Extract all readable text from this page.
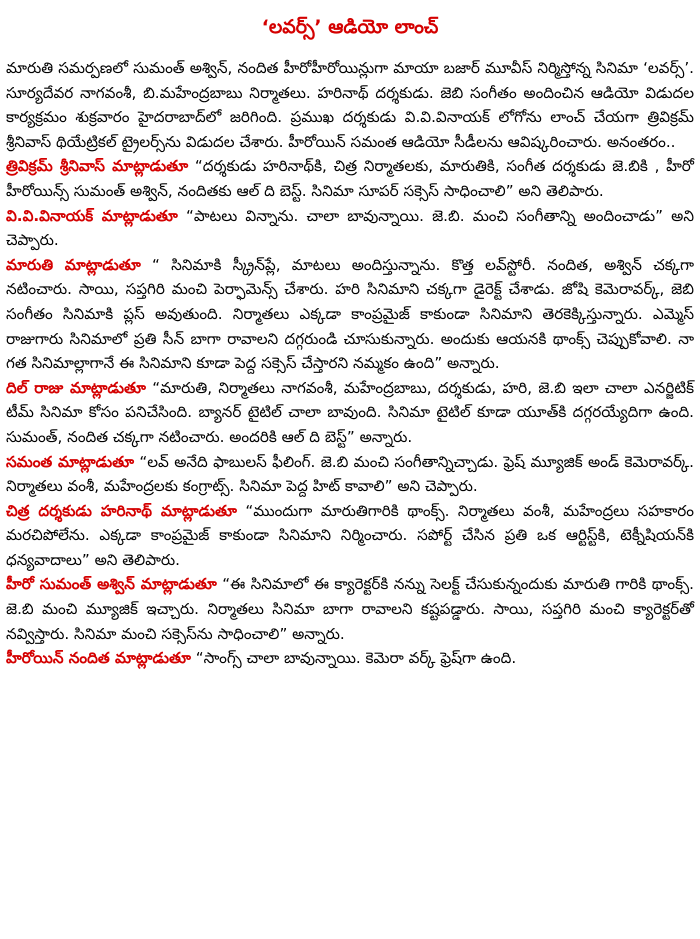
‘లవర్స్’ ఆడియో లాంచ్

మారుతి సమర్పణలో సుమంత్ అశ్విన్, నందిత హీరోహీరోయిన్లుగా మాయా బజార్ మూవీస్ నిర్మిస్తోన్న సినిమా ‘లవర్స్’. సూర్యదేవర నాగవంశీ, బి.మహేంద్రబాబు నిర్మాతలు. హరినాథ్ దర్శకుడు. జెబి సంగీతం అందించిన ఆడియో విడుదల కార్యక్రమం శుక్రవారం హైదరాబాద్‌లో జరిగింది. ప్రముఖ దర్శకుడు వి.వి.వినాయక్ లోగోను లాంచ్ చేయగా త్రివిక్రమ్ శ్రీనివాస్ థియేట్రికల్ ట్రైలర్స్‌ను విడుదల చేశారు. హీరోయిన్ సమంత ఆడియో సీడీలను ఆవిష్కరించారు. అనంతరం..

త్రివిక్రమ్ శ్రీనివాస్ మాట్లాడుతూ “దర్శకుడు హరినాథ్‌కి, చిత్ర నిర్మాతలకు, మారుతికి, సంగీత దర్శకుడు జె.బికి , హీరో హీరోయిన్స్ సుమంత్ అశ్విన్, నందితకు ఆల్ ది బెస్ట్. సినిమా సూపర్ సక్సెస్ సాధించాలి” అని తెలిపారు.

వి.వి.వినాయక్ మాట్లాడుతూ “పాటలు విన్నాను. చాలా బావున్నాయి. జె.బి. మంచి సంగీతాన్ని అందించాడు” అని చెప్పారు.

మారుతి మాట్లాడుతూ “ సినిమాకి స్క్రీన్‌ప్లే, మాటలు అందిస్తున్నాను. కొత్త లవ్‌స్టోరీ. నందిత, అశ్విన్ చక్కగా నటించారు. సాయి, సప్తగిరి మంచి పెర్ఫామెన్స్ చేశారు. హరి సినిమాని చక్కగా డైరెక్ట్ చేశాడు. జోషి కెమెరావర్క్, జెబి సంగీతం సినిమాకి ప్లస్ అవుతుంది. నిర్మాతలు ఎక్కడా కాంప్రమైజ్ కాకుండా సినిమాని తెరకెక్కిస్తున్నారు. ఎమ్మెస్ రాజుగారు సినిమాలో ప్రతి సీన్ బాగా రావాలని దగ్గరుండి చూసుకున్నారు. అందుకు ఆయనకి థాంక్స్ చెప్పుకోవాలి. నా గత సినిమాల్లాగానే ఈ సినిమాని కూడా పెద్ద సక్సెస్ చేస్తారని నమ్మకం ఉంది” అన్నారు.

దిల్ రాజు మాట్లాడుతూ “మారుతి, నిర్మాతలు నాగవంశీ, మహేంద్రబాబు, దర్శకుడు, హరి, జె.బి ఇలా చాలా ఎనర్జిటిక్ టీమ్ సినిమా కోసం పనిచేసింది. బ్యానర్ టైటిల్ చాలా బావుంది. సినిమా టైటిల్ కూడా యూత్‌కి దగ్గరయ్యేదిగా ఉంది. సుమంత్, నందిత చక్కగా నటించారు. అందరికి ఆల్ ది బెస్ట్” అన్నారు.

సమంత మాట్లాడుతూ “లవ్ అనేది ఫాబులస్ ఫీలింగ్. జె.బి మంచి సంగీతాన్నిచ్చాడు. ఫ్రెష్ మ్యూజిక్ అండ్ కెమెరావర్క్. నిర్మాతలు వంశీ, మహేంద్రలకు కంగ్రాట్స్. సినిమా పెద్ద హిట్ కావాలి” అని చెప్పారు.

చిత్ర దర్శకుడు హరినాథ్ మాట్లాడుతూ “ముందుగా మారుతిగారికి థాంక్స్. నిర్మాతలు వంశీ, మహేంద్రలు సహకారం మరచిపోలేను. ఎక్కడా కాంప్రమైజ్ కాకుండా సినిమాని నిర్మించారు. సపోర్ట్ చేసిన ప్రతి ఒక ఆర్టిస్ట్‌కి, టెక్నీషియన్‌కి ధన్యవాదాలు” అని తెలిపారు.

హీరో సుమంత్ అశ్విన్ మాట్లాడుతూ “ఈ సినిమాలో ఈ క్యారెక్టర్‌కి నన్ను సెలక్ట్ చేసుకున్నందుకు మారుతి గారికి థాంక్స్. జె.బి మంచి మ్యూజిక్ ఇచ్చారు. నిర్మాతలు సినిమా బాగా రావాలని కష్టపడ్డారు. సాయి, సప్తగిరి మంచి క్యారెక్టర్‌తో నవ్విస్తారు. సినిమా మంచి సక్సెస్‌ను సాధించాలి” అన్నారు.

హీరోయిన్ నందిత మాట్లాడుతూ “సాంగ్స్ చాలా బావున్నాయి. కెమెరా వర్క్ ఫ్రెష్‌గా ఉంది.
